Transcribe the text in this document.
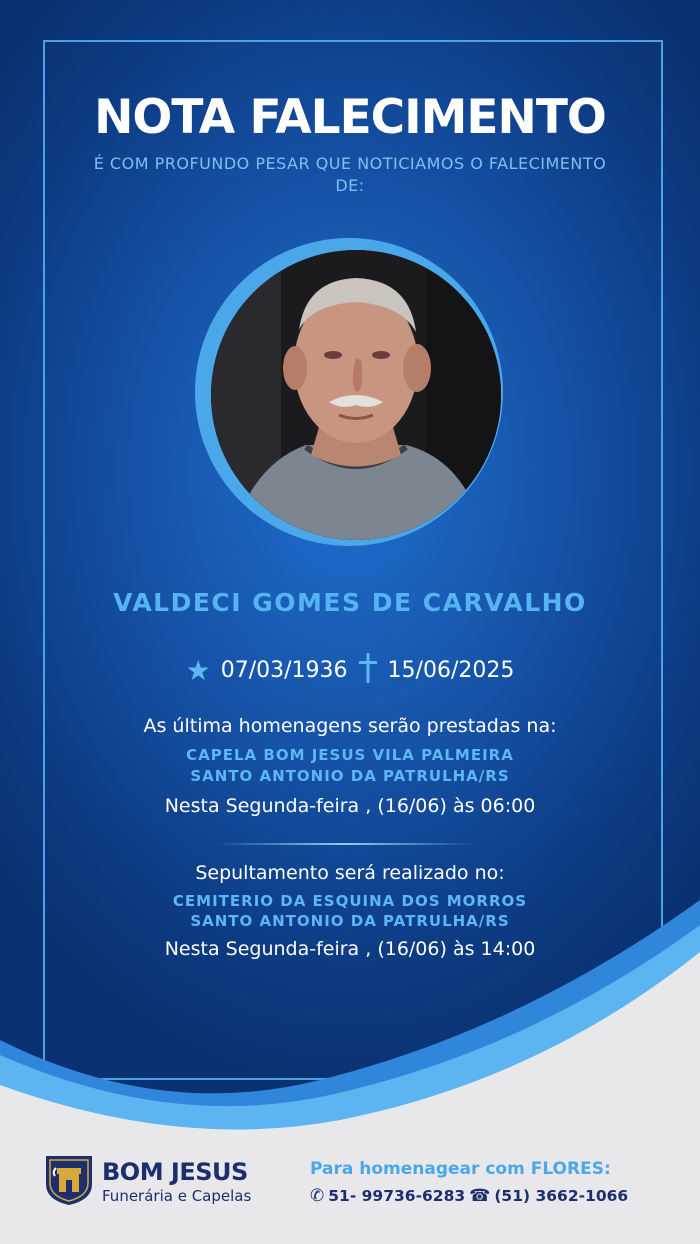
NOTA FALECIMENTO
É COM PROFUNDO PESAR QUE NOTICIAMOS O FALECIMENTO DE:
VALDECI GOMES DE CARVALHO
★ 07/03/1936 15/06/2025
As última homenagens serão prestadas na:
CAPELA BOM JESUS VILA PALMEIRA
SANTO ANTONIO DA PATRULHA/RS
Nesta Segunda-feira , (16/06) às 06:00
Sepultamento será realizado no:
CEMITERIO DA ESQUINA DOS MORROS
SANTO ANTONIO DA PATRULHA/RS
Nesta Segunda-feira , (16/06) às 14:00
BOM JESUS
Funerária e Capelas
Para homenagear com FLORES:
✆ 51- 99736-6283 ☎ (51) 3662-1066
